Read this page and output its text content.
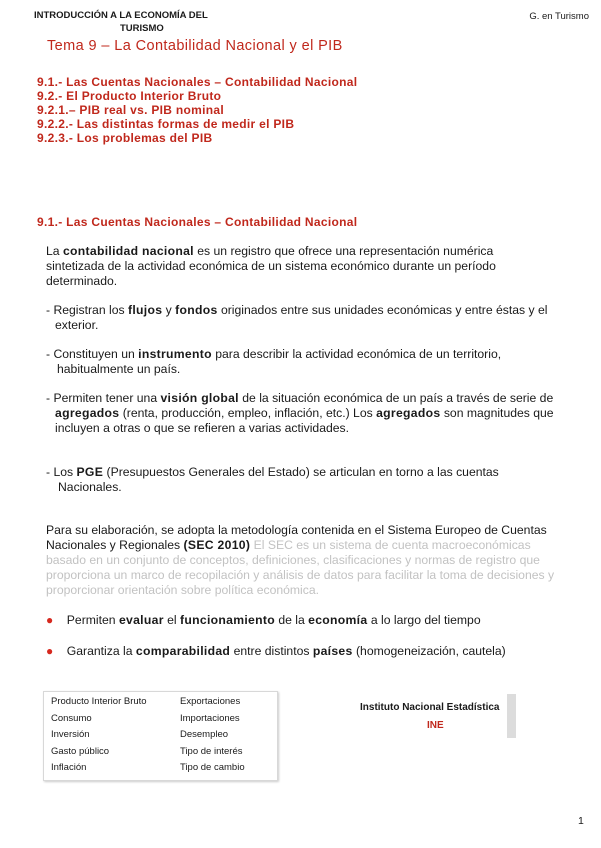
INTRODUCCIÓN A LA ECONOMÍA DEL
TURISMO
G. en Turismo
Tema 9 – La Contabilidad Nacional y el PIB
9.1.- Las Cuentas Nacionales – Contabilidad Nacional
9.2.- El Producto Interior Bruto
9.2.1.– PIB real vs. PIB nominal
9.2.2.- Las distintas formas de medir el PIB
9.2.3.- Los problemas del PIB
9.1.- Las Cuentas Nacionales – Contabilidad Nacional
La contabilidad nacional es un registro que ofrece una representación numérica sintetizada de la actividad económica de un sistema económico durante un período determinado.
- Registran los flujos y fondos originados entre sus unidades económicas y entre éstas y el exterior.
- Constituyen un instrumento para describir la actividad económica de un territorio, habitualmente un país.
- Permiten tener una visión global de la situación económica de un país a través de serie de agregados (renta, producción, empleo, inflación, etc.) Los agregados son magnitudes que incluyen a otras o que se refieren a varias actividades.
- Los PGE (Presupuestos Generales del Estado) se articulan en torno a las cuentas Nacionales.
Para su elaboración, se adopta la metodología contenida en el Sistema Europeo de Cuentas Nacionales y Regionales (SEC 2010) El SEC es un sistema de cuenta macroeconómicas basado en un conjunto de conceptos, definiciones, clasificaciones y normas de registro que proporciona un marco de recopilación y análisis de datos para facilitar la toma de decisiones y proporcionar orientación sobre política económica.
● Permiten evaluar el funcionamiento de la economía a lo largo del tiempo
● Garantiza la comparabilidad entre distintos países (homogeneización, cautela)
Producto Interior Bruto
Consumo
Inversión
Gasto público
Inflación
Exportaciones
Importaciones
Desempleo
Tipo de interés
Tipo de cambio
Instituto Nacional Estadística
INE
1
